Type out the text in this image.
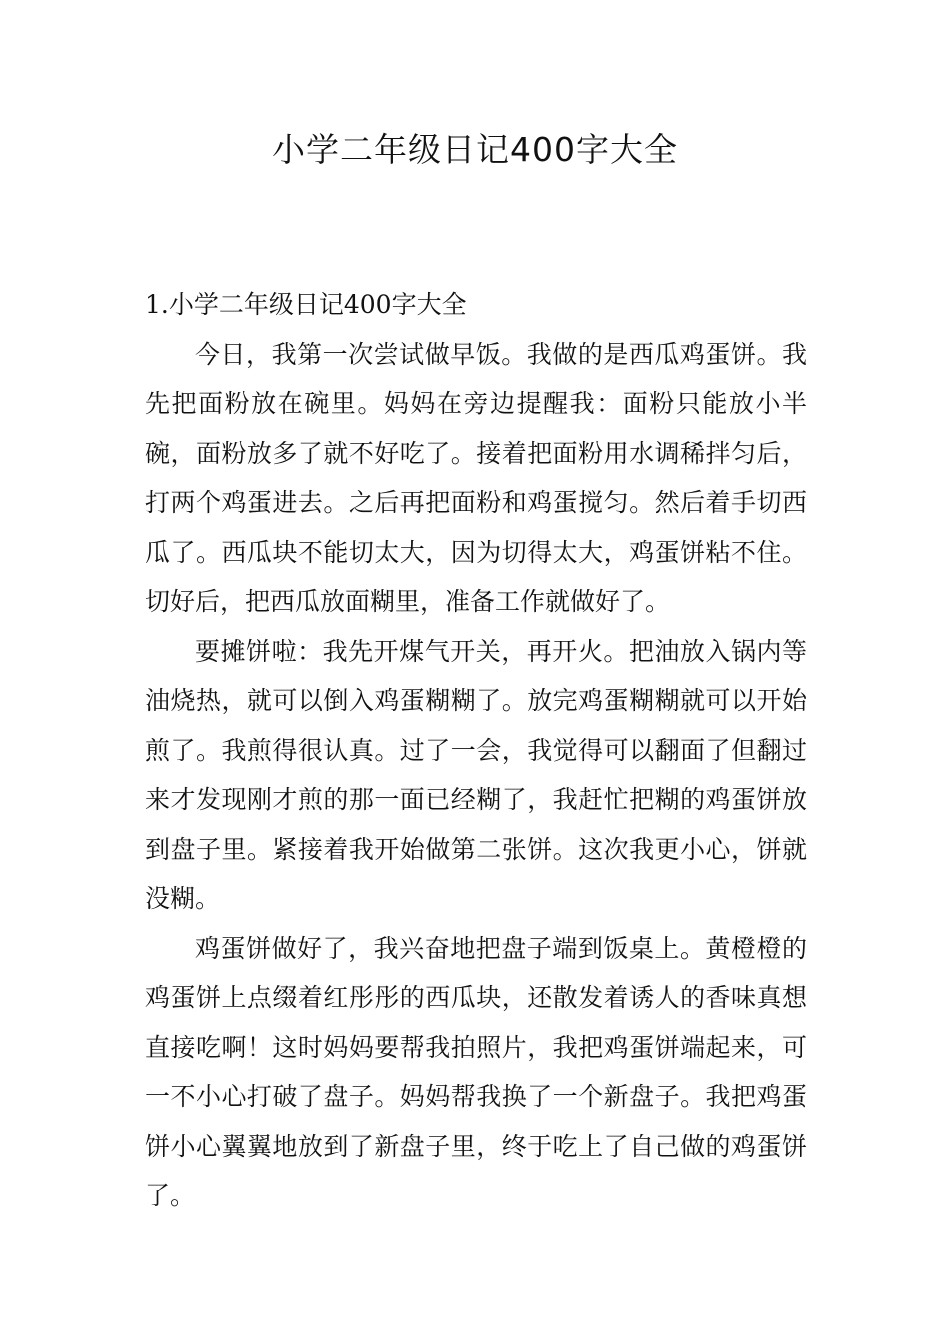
小学二年级日记400字大全
1.小学二年级日记400字大全

今日，我第一次尝试做早饭。我做的是西瓜鸡蛋饼。我先把面粉放在碗里。妈妈在旁边提醒我：面粉只能放小半碗，面粉放多了就不好吃了。接着把面粉用水调稀拌匀后，打两个鸡蛋进去。之后再把面粉和鸡蛋搅匀。然后着手切西瓜了。西瓜块不能切太大，因为切得太大，鸡蛋饼粘不住。切好后，把西瓜放面糊里，准备工作就做好了。

要摊饼啦：我先开煤气开关，再开火。把油放入锅内等油烧热，就可以倒入鸡蛋糊糊了。放完鸡蛋糊糊就可以开始煎了。我煎得很认真。过了一会，我觉得可以翻面了但翻过来才发现刚才煎的那一面已经糊了，我赶忙把糊的鸡蛋饼放到盘子里。紧接着我开始做第二张饼。这次我更小心，饼就没糊。

鸡蛋饼做好了，我兴奋地把盘子端到饭桌上。黄橙橙的鸡蛋饼上点缀着红彤彤的西瓜块，还散发着诱人的香味真想直接吃啊！这时妈妈要帮我拍照片，我把鸡蛋饼端起来，可一不小心打破了盘子。妈妈帮我换了一个新盘子。我把鸡蛋饼小心翼翼地放到了新盘子里，终于吃上了自己做的鸡蛋饼了。
